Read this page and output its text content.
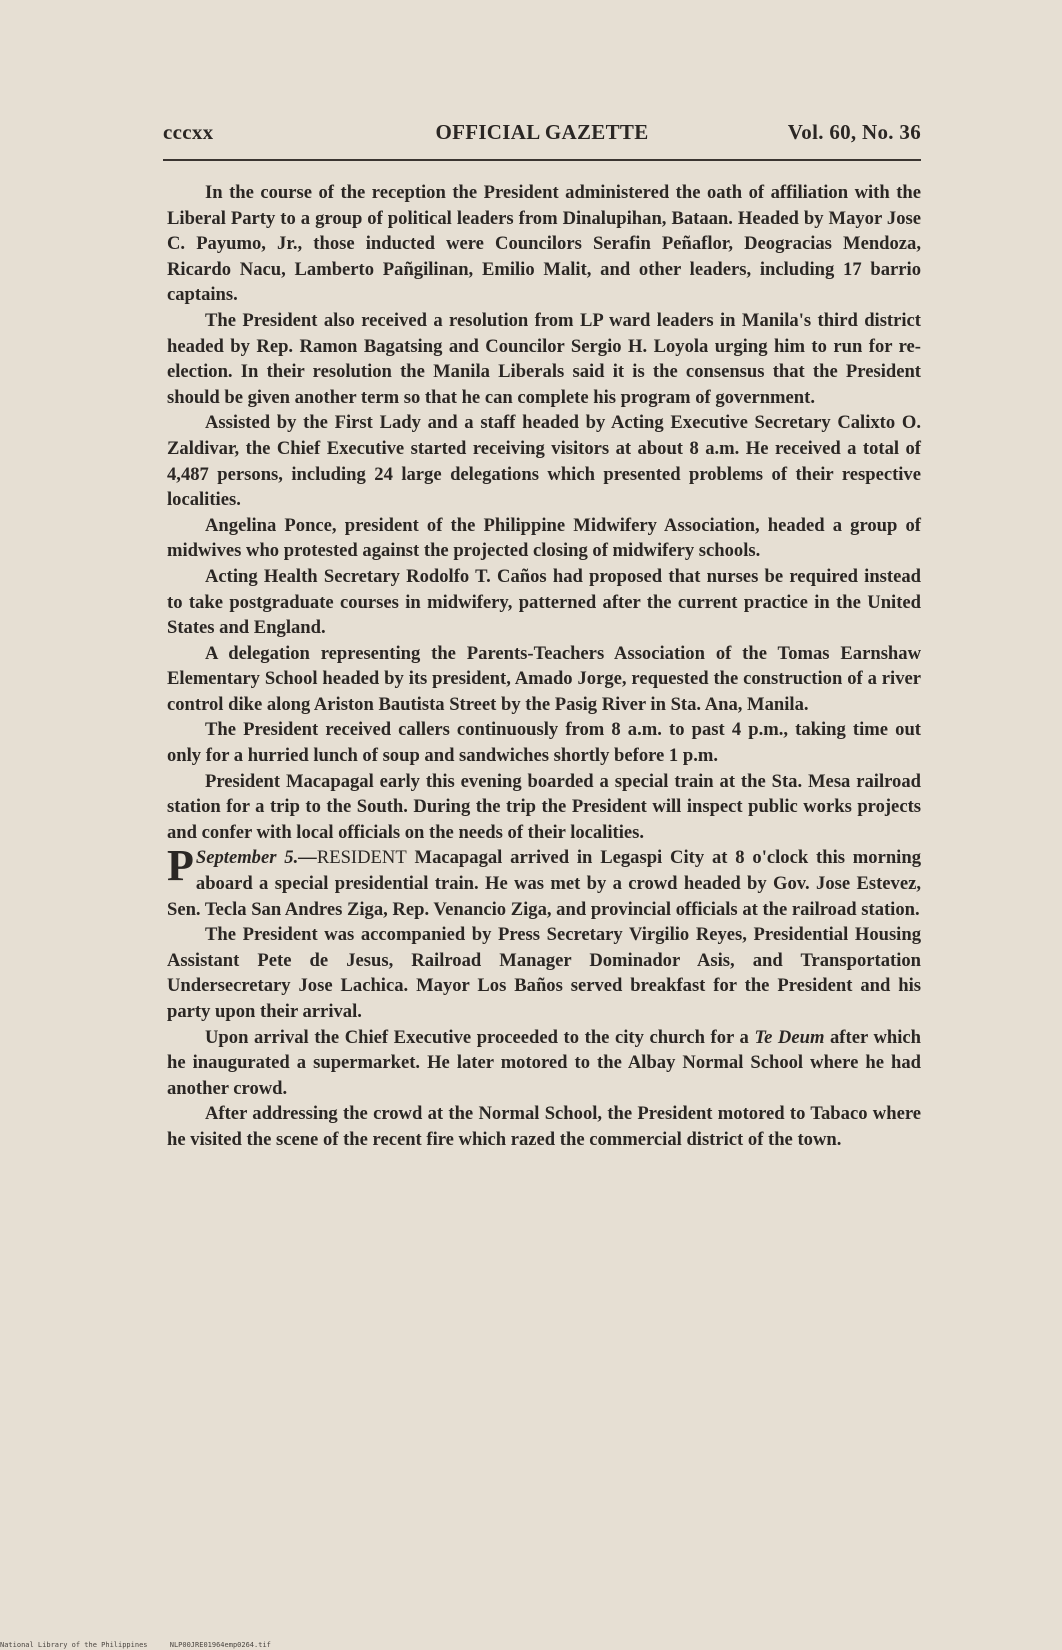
cccxx	OFFICIAL GAZETTE	Vol. 60, No. 36

In the course of the reception the President administered the oath of affiliation with the Liberal Party to a group of political leaders from Dinalupihan, Bataan. Headed by Mayor Jose C. Payumo, Jr., those inducted were Councilors Serafin Peñaflor, Deogracias Mendoza, Ricardo Nacu, Lamberto Pañgilinan, Emilio Malit, and other leaders, including 17 barrio captains.

The President also received a resolution from LP ward leaders in Manila's third district headed by Rep. Ramon Bagatsing and Councilor Sergio H. Loyola urging him to run for re-election. In their resolution the Manila Liberals said it is the consensus that the President should be given another term so that he can complete his program of government.

Assisted by the First Lady and a staff headed by Acting Executive Secretary Calixto O. Zaldivar, the Chief Executive started receiving visitors at about 8 a.m. He received a total of 4,487 persons, including 24 large delegations which presented problems of their respective localities.

Angelina Ponce, president of the Philippine Midwifery Association, headed a group of midwives who protested against the projected closing of midwifery schools.

Acting Health Secretary Rodolfo T. Caños had proposed that nurses be required instead to take postgraduate courses in midwifery, patterned after the current practice in the United States and England.

A delegation representing the Parents-Teachers Association of the Tomas Earnshaw Elementary School headed by its president, Amado Jorge, requested the construction of a river control dike along Ariston Bautista Street by the Pasig River in Sta. Ana, Manila.

The President received callers continuously from 8 a.m. to past 4 p.m., taking time out only for a hurried lunch of soup and sandwiches shortly before 1 p.m.

President Macapagal early this evening boarded a special train at the Sta. Mesa railroad station for a trip to the South. During the trip the President will inspect public works projects and confer with local officials on the needs of their localities.

September 5.—
P	RESIDENT Macapagal arrived in Legaspi City at 8 o'clock this morning aboard a special presidential train. He was met by a crowd headed by Gov. Jose Estevez, Sen. Tecla San Andres Ziga, Rep. Venancio Ziga, and provincial officials at the railroad station.

The President was accompanied by Press Secretary Virgilio Reyes, Presidential Housing Assistant Pete de Jesus, Railroad Manager Dominador Asis, and Transportation Undersecretary Jose Lachica. Mayor Los Baños served breakfast for the President and his party upon their arrival.

Upon arrival the Chief Executive proceeded to the city church for a Te Deum after which he inaugurated a supermarket. He later motored to the Albay Normal School where he had another crowd.

After addressing the crowd at the Normal School, the President motored to Tabaco where he visited the scene of the recent fire which razed the commercial district of the town.

National Library of the Philippines	NLP00JRE01964emp0264.tif
